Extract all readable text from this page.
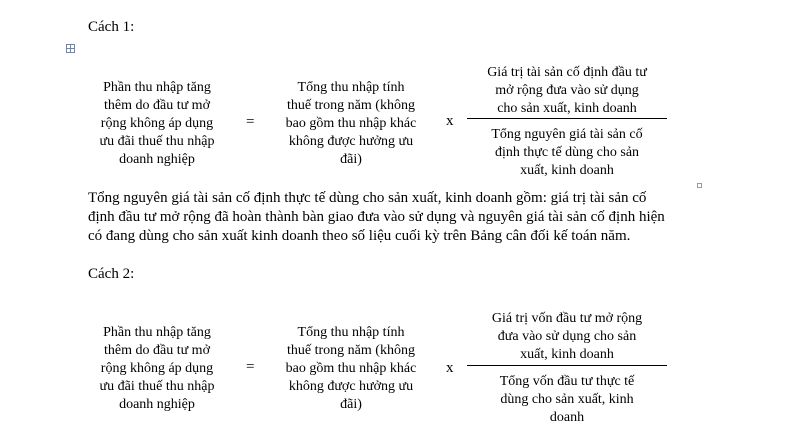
Cách 1:
Phần thu nhập tăng
thêm do đầu tư mở
rộng không áp dụng
ưu đãi thuế thu nhập
doanh nghiệp
=
Tổng thu nhập tính
thuế trong năm (không
bao gồm thu nhập khác
không được hưởng ưu
đãi)
x
Giá trị tài sản cố định đầu tư
mở rộng đưa vào sử dụng
cho sản xuất, kinh doanh
Tổng nguyên giá tài sản cố
định thực tế dùng cho sản
xuất, kinh doanh
Tổng nguyên giá tài sản cố định thực tế dùng cho sản xuất, kinh doanh gồm: giá trị tài sản cố
định đầu tư mở rộng đã hoàn thành bàn giao đưa vào sử dụng và nguyên giá tài sản cố định hiện
có đang dùng cho sản xuất kinh doanh theo số liệu cuối kỳ trên Bảng cân đối kế toán năm.
Cách 2:
Phần thu nhập tăng
thêm do đầu tư mở
rộng không áp dụng
ưu đãi thuế thu nhập
doanh nghiệp
=
Tổng thu nhập tính
thuế trong năm (không
bao gồm thu nhập khác
không được hưởng ưu
đãi)
x
Giá trị vốn đầu tư mở rộng
đưa vào sử dụng cho sản
xuất, kinh doanh
Tổng vốn đầu tư thực tế
dùng cho sản xuất, kinh
doanh
